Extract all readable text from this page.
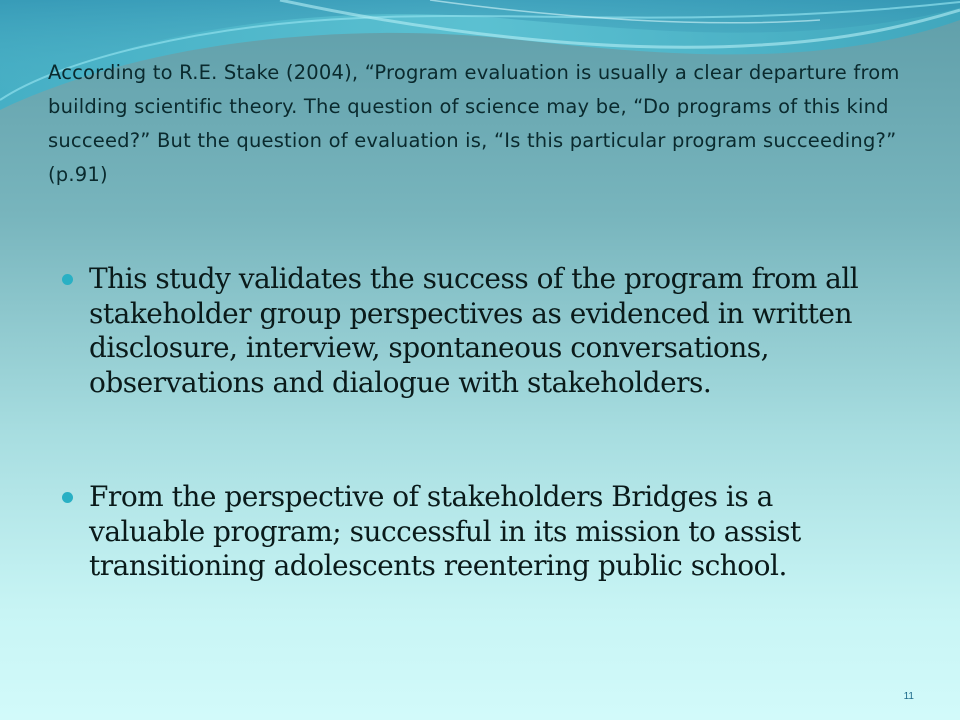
According to R.E. Stake (2004), “Program evaluation is usually a clear departure from building scientific theory. The question of science may be, “Do programs of this kind succeed?” But the question of evaluation is, “Is this particular program succeeding?” (p.91)

This study validates the success of the program from all stakeholder group perspectives as evidenced in written disclosure, interview, spontaneous conversations, observations and dialogue with stakeholders.
From the perspective of stakeholders Bridges is a valuable program; successful in its mission to assist transitioning adolescents reentering public school.
11
